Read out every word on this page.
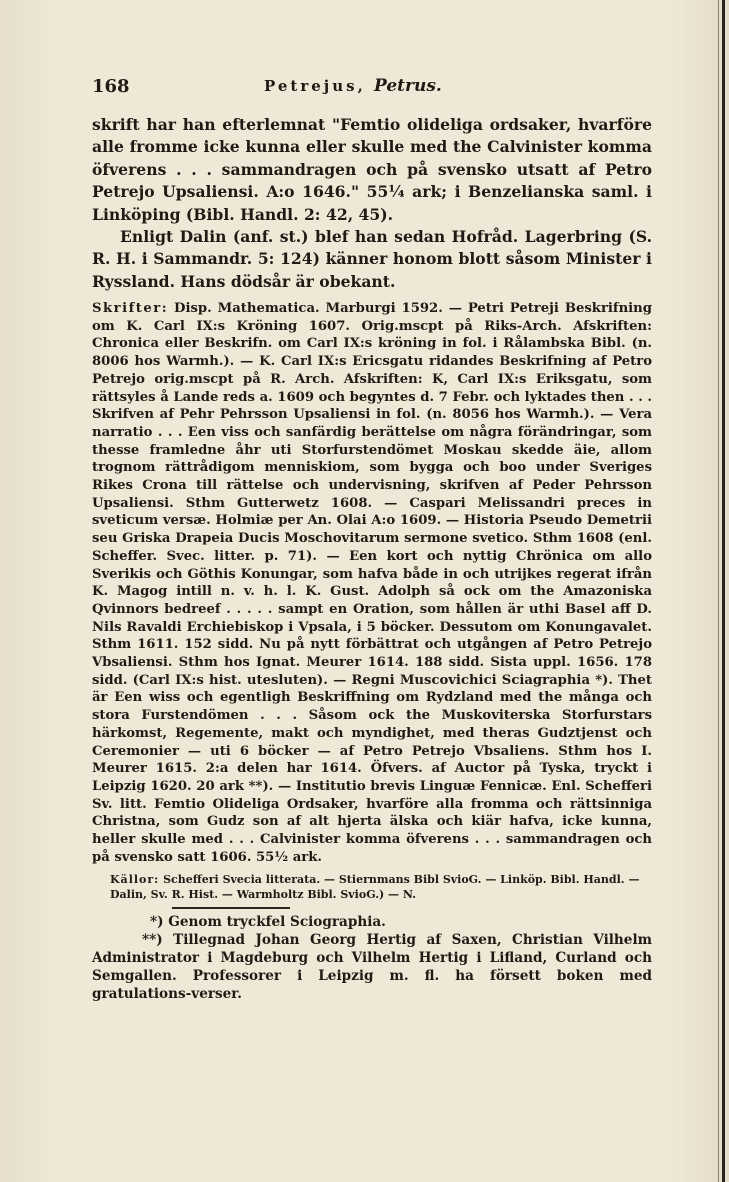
168	Petrejus, Petrus.

skrift har han efterlemnat "Femtio olideliga ordsaker, hvarföre alle fromme icke kunna eller skulle med the Calvinister komma öfverens . . . sammandragen och på svensko utsatt af Petro Petrejo Upsaliensi. A:o 1646." 55¼ ark; i Benzelianska saml. i Linköping (Bibl. Handl. 2: 42, 45).

Enligt Dalin (anf. st.) blef han sedan Hofråd. Lagerbring (S. R. H. i Sammandr. 5: 124) känner honom blott såsom Minister i Ryssland. Hans dödsår är obekant.

Skrifter: Disp. Mathematica. Marburgi 1592. — Petri Petreji Beskrifning om K. Carl IX:s Kröning 1607. Orig.mscpt på Riks-Arch. Afskriften: Chronica eller Beskrifn. om Carl IX:s kröning in fol. i Rålambska Bibl. (n. 8006 hos Warmh.). — K. Carl IX:s Ericsgatu ridandes Beskrifning af Petro Petrejo orig.mscpt på R. Arch. Afskriften: K, Carl IX:s Eriksgatu, som rättsyles å Lande reds a. 1609 och begyntes d. 7 Febr. och lyktades then . . . Skrifven af Pehr Pehrsson Upsaliensi in fol. (n. 8056 hos Warmh.). — Vera narratio . . . Een viss och sanfärdig berättelse om några förändringar, som thesse framledne åhr uti Storfurstendömet Moskau skedde äie, allom trognom rättrådigom menniskiom, som bygga och boo under Sveriges Rikes Crona till rättelse och undervisning, skrifven af Peder Pehrsson Upsaliensi. Sthm Gutterwetz 1608. — Caspari Melissandri preces in sveticum versæ. Holmiæ per An. Olai A:o 1609. — Historia Pseudo Demetrii seu Griska Drapeia Ducis Moschovitarum sermone svetico. Sthm 1608 (enl. Scheffer. Svec. litter. p. 71). — Een kort och nyttig Chrönica om allo Sverikis och Göthis Konungar, som hafva både in och utrijkes regerat ifrån K. Magog intill n. v. h. l. K. Gust. Adolph så ock om the Amazoniska Qvinnors bedreef . . . . . sampt en Oration, som hållen är uthi Basel aff D. Nils Ravaldi Erchiebiskop i Vpsala, i 5 böcker. Dessutom om Konungavalet. Sthm 1611. 152 sidd. Nu på nytt förbättrat och utgången af Petro Petrejo Vbsaliensi. Sthm hos Ignat. Meurer 1614. 188 sidd. Sista uppl. 1656. 178 sidd. (Carl IX:s hist. utesluten). — Regni Muscovichici Sciagraphia *). Thet är Een wiss och egentligh Beskriffning om Rydzland med the många och stora Furstendömen . . . Såsom ock the Muskoviterska Storfurstars härkomst, Regemente, makt och myndighet, med theras Gudztjenst och Ceremonier — uti 6 böcker — af Petro Petrejo Vbsaliens. Sthm hos I. Meurer 1615. 2:a delen har 1614. Öfvers. af Auctor på Tyska, tryckt i Leipzig 1620. 20 ark **). — Institutio brevis Linguæ Fennicæ. Enl. Schefferi Sv. litt. Femtio Olideliga Ordsaker, hvarföre alla fromma och rättsinniga Christna, som Gudz son af alt hjerta älska och kiär hafva, icke kunna, heller skulle med . . . Calvinister komma öfverens . . . sammandragen och på svensko satt 1606. 55½ ark.

Källor: Schefferi Svecia litterata. — Stiernmans Bibl SvioG. — Linköp. Bibl. Handl. — Dalin, Sv. R. Hist. — Warmholtz Bibl. SvioG.) — N.

*) Genom tryckfel Sciographia.

**) Tillegnad Johan Georg Hertig af Saxen, Christian Vilhelm Administrator i Magdeburg och Vilhelm Hertig i Lifland, Curland och Semgallen. Professorer i Leipzig m. fl. ha försett boken med gratulations-verser.
